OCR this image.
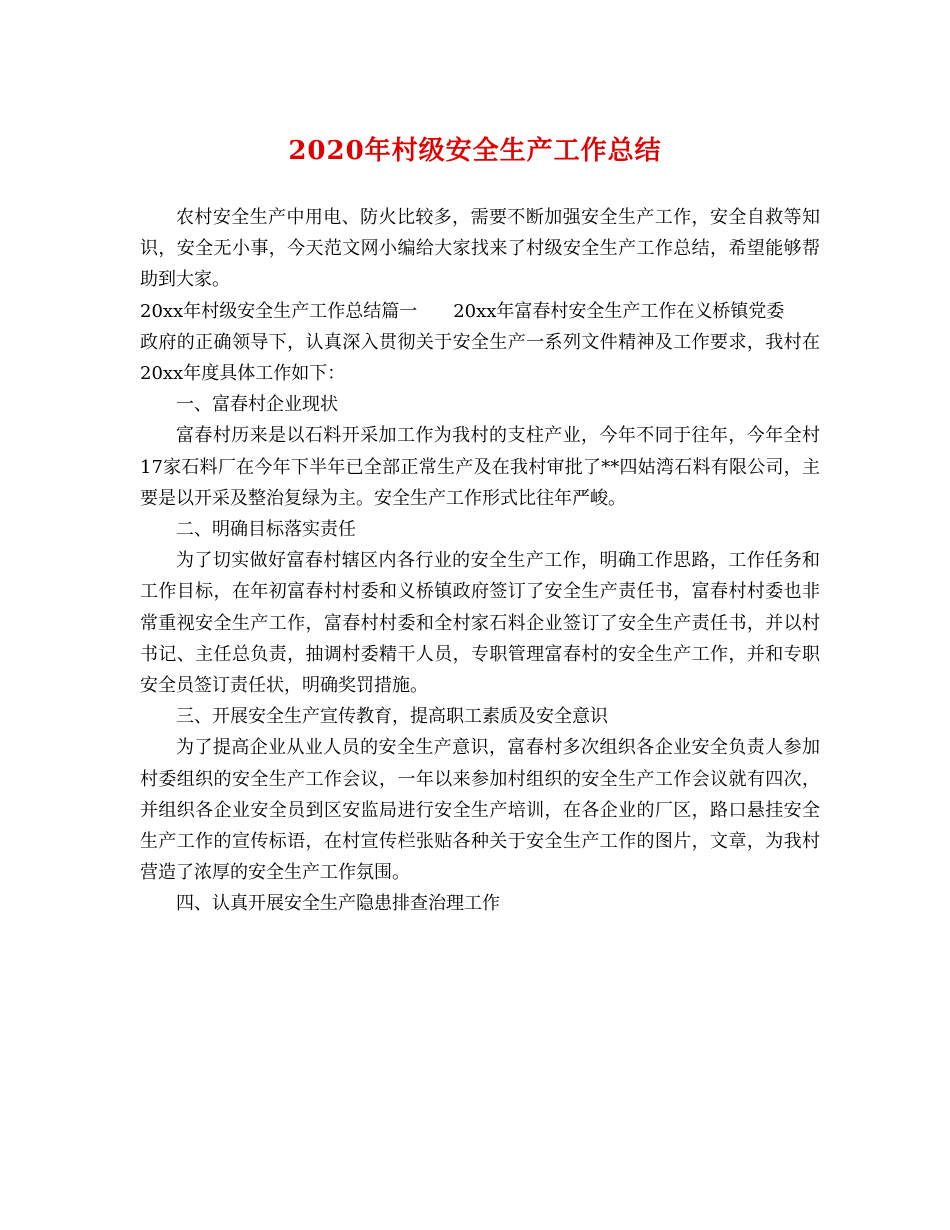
2020年村级安全生产工作总结

农村安全生产中用电、防火比较多，需要不断加强安全生产工作，安全自救等知识，安全无小事，今天范文网小编给大家找来了村级安全生产工作总结，希望能够帮助到大家。

20xx年村级安全生产工作总结篇一 20xx年富春村安全生产工作在义桥镇党委
政府的正确领导下，认真深入贯彻关于安全生产一系列文件精神及工作要求，我村在20xx年度具体工作如下：

一、富春村企业现状

富春村历来是以石料开采加工作为我村的支柱产业，今年不同于往年，今年全村17家石料厂在今年下半年已全部正常生产及在我村审批了**四姑湾石料有限公司，主要是以开采及整治复绿为主。安全生产工作形式比往年严峻。

二、明确目标落实责任

为了切实做好富春村辖区内各行业的安全生产工作，明确工作思路，工作任务和工作目标，在年初富春村村委和义桥镇政府签订了安全生产责任书，富春村村委也非常重视安全生产工作，富春村村委和全村家石料企业签订了安全生产责任书，并以村书记、主任总负责，抽调村委精干人员，专职管理富春村的安全生产工作，并和专职安全员签订责任状，明确奖罚措施。

三、开展安全生产宣传教育，提高职工素质及安全意识

为了提高企业从业人员的安全生产意识，富春村多次组织各企业安全负责人参加村委组织的安全生产工作会议，一年以来参加村组织的安全生产工作会议就有四次，并组织各企业安全员到区安监局进行安全生产培训，在各企业的厂区，路口悬挂安全生产工作的宣传标语，在村宣传栏张贴各种关于安全生产工作的图片，文章，为我村营造了浓厚的安全生产工作氛围。

四、认真开展安全生产隐患排查治理工作
